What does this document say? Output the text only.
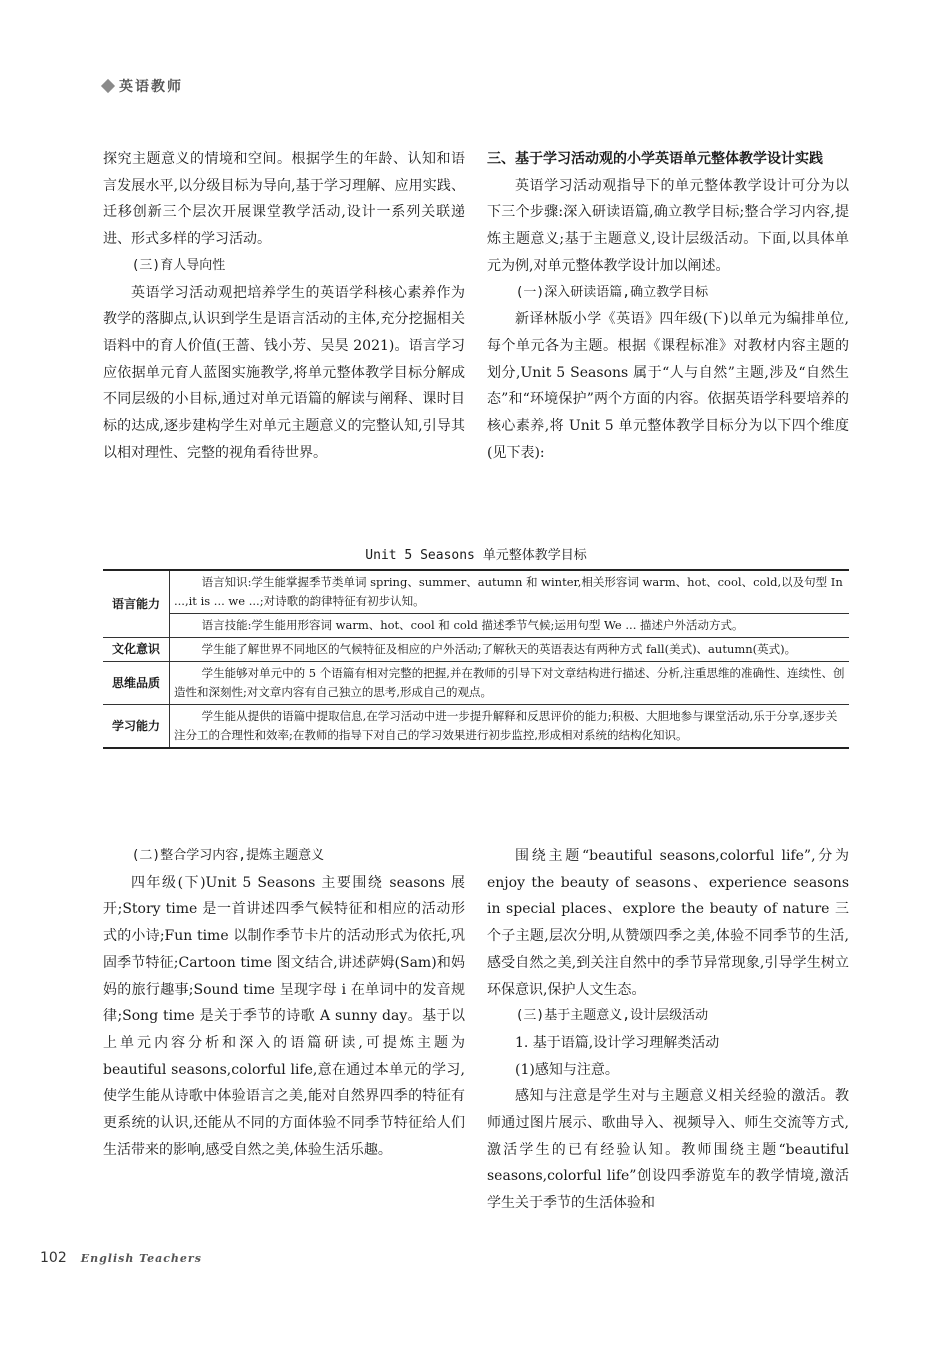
英语教师

探究主题意义的情境和空间。根据学生的年龄、认知和语言发展水平,以分级目标为导向,基于学习理解、应用实践、迁移创新三个层次开展课堂教学活动,设计一系列关联递进、形式多样的学习活动。

(三)育人导向性

英语学习活动观把培养学生的英语学科核心素养作为教学的落脚点,认识到学生是语言活动的主体,充分挖掘相关语料中的育人价值(王蔷、钱小芳、吴昊 2021)。语言学习应依据单元育人蓝图实施教学,将单元整体教学目标分解成不同层级的小目标,通过对单元语篇的解读与阐释、课时目标的达成,逐步建构学生对单元主题意义的完整认知,引导其以相对理性、完整的视角看待世界。

三、基于学习活动观的小学英语单元整体教学设计实践

英语学习活动观指导下的单元整体教学设计可分为以下三个步骤:深入研读语篇,确立教学目标;整合学习内容,提炼主题意义;基于主题意义,设计层级活动。下面,以具体单元为例,对单元整体教学设计加以阐述。

(一)深入研读语篇,确立教学目标

新译林版小学《英语》四年级(下)以单元为编排单位,每个单元各为主题。根据《课程标准》对教材内容主题的划分,Unit 5 Seasons 属于“人与自然”主题,涉及“自然生态”和“环境保护”两个方面的内容。依据英语学科要培养的核心素养,将 Unit 5 单元整体教学目标分为以下四个维度(见下表):

Unit 5 Seasons 单元整体教学目标
语言能力	语言知识:学生能掌握季节类单词 spring、summer、autumn 和 winter,相关形容词 warm、hot、cool、cold,以及句型 In ...,it is ... we ...;对诗歌的韵律特征有初步认知。
	语言技能:学生能用形容词 warm、hot、cool 和 cold 描述季节气候;运用句型 We ... 描述户外活动方式。
文化意识	学生能了解世界不同地区的气候特征及相应的户外活动;了解秋天的英语表达有两种方式 fall(美式)、autumn(英式)。
思维品质	学生能够对单元中的 5 个语篇有相对完整的把握,并在教师的引导下对文章结构进行描述、分析,注重思维的准确性、连续性、创造性和深刻性;对文章内容有自己独立的思考,形成自己的观点。
学习能力	学生能从提供的语篇中提取信息,在学习活动中进一步提升解释和反思评价的能力;积极、大胆地参与课堂活动,乐于分享,逐步关注分工的合理性和效率;在教师的指导下对自己的学习效果进行初步监控,形成相对系统的结构化知识。
(二)整合学习内容,提炼主题意义

四年级(下)Unit 5 Seasons 主要围绕 seasons 展开;Story time 是一首讲述四季气候特征和相应的活动形式的小诗;Fun time 以制作季节卡片的活动形式为依托,巩固季节特征;Cartoon time 图文结合,讲述萨姆(Sam)和妈妈的旅行趣事;Sound time 呈现字母 i 在单词中的发音规律;Song time 是关于季节的诗歌 A sunny day。基于以上单元内容分析和深入的语篇研读,可提炼主题为 beautiful seasons,colorful life,意在通过本单元的学习,使学生能从诗歌中体验语言之美,能对自然界四季的特征有更系统的认识,还能从不同的方面体验不同季节特征给人们生活带来的影响,感受自然之美,体验生活乐趣。

围绕主题“beautiful seasons,colorful life”,分为 enjoy the beauty of seasons、experience seasons in special places、explore the beauty of nature 三个子主题,层次分明,从赞颂四季之美,体验不同季节的生活,感受自然之美,到关注自然中的季节异常现象,引导学生树立环保意识,保护人文生态。

(三)基于主题意义,设计层级活动

1. 基于语篇,设计学习理解类活动

(1)感知与注意。

感知与注意是学生对与主题意义相关经验的激活。教师通过图片展示、歌曲导入、视频导入、师生交流等方式,激活学生的已有经验认知。教师围绕主题“beautiful seasons,colorful life”创设四季游览车的教学情境,激活学生关于季节的生活体验和

102 English Teachers
